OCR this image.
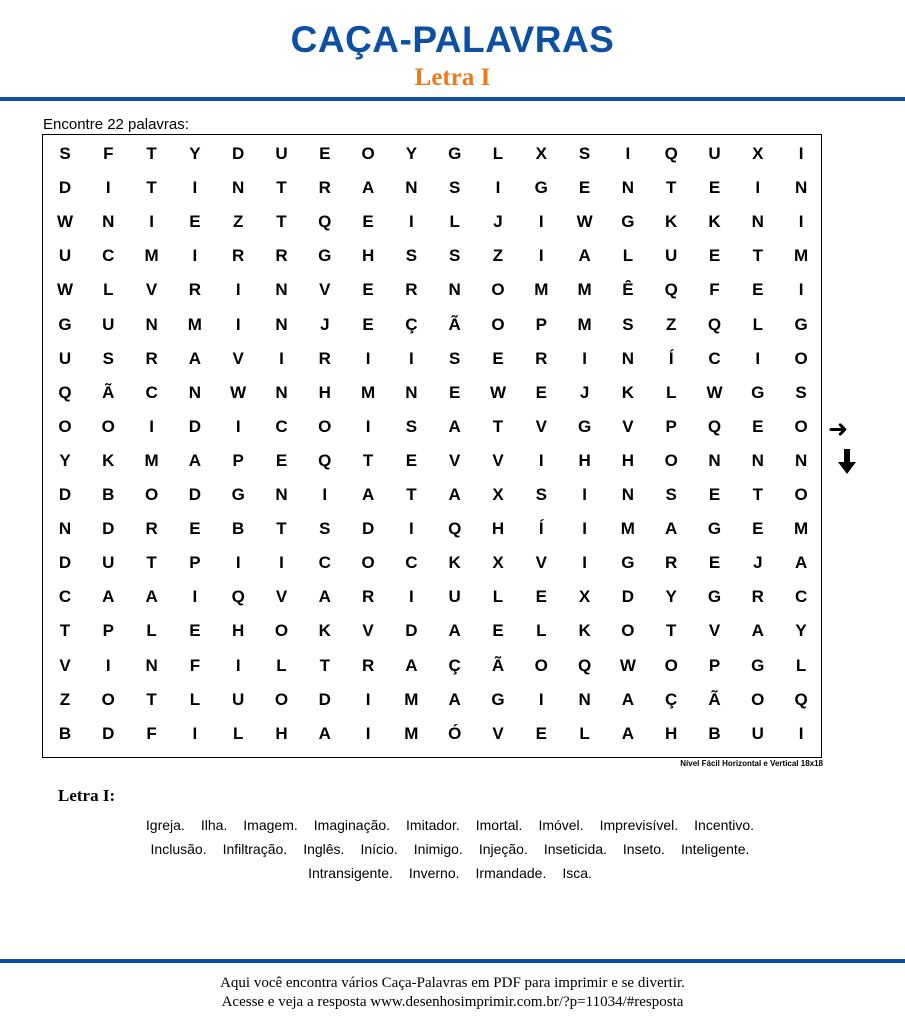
CAÇA-PALAVRAS
Letra I
Encontre 22 palavras:
S	F	T	Y	D	U	E	O	Y	G	L	X	S	I	Q	U	X	I
D	I	T	I	N	T	R	A	N	S	I	G	E	N	T	E	I	N
W	N	I	E	Z	T	Q	E	I	L	J	I	W	G	K	K	N	I
U	C	M	I	R	R	G	H	S	S	Z	I	A	L	U	E	T	M
W	L	V	R	I	N	V	E	R	N	O	M	M	Ê	Q	F	E	I
G	U	N	M	I	N	J	E	Ç	Ã	O	P	M	S	Z	Q	L	G
U	S	R	A	V	I	R	I	I	S	E	R	I	N	Í	C	I	O
Q	Ã	C	N	W	N	H	M	N	E	W	E	J	K	L	W	G	S
O	O	I	D	I	C	O	I	S	A	T	V	G	V	P	Q	E	O
Y	K	M	A	P	E	Q	T	E	V	V	I	H	H	O	N	N	N
D	B	O	D	G	N	I	A	T	A	X	S	I	N	S	E	T	O
N	D	R	E	B	T	S	D	I	Q	H	Í	I	M	A	G	E	M
D	U	T	P	I	I	C	O	C	K	X	V	I	G	R	E	J	A
C	A	A	I	Q	V	A	R	I	U	L	E	X	D	Y	G	R	C
T	P	L	E	H	O	K	V	D	A	E	L	K	O	T	V	A	Y
V	I	N	F	I	L	T	R	A	Ç	Ã	O	Q	W	O	P	G	L
Z	O	T	L	U	O	D	I	M	A	G	I	N	A	Ç	Ã	O	Q
B	D	F	I	L	H	A	I	M	Ó	V	E	L	A	H	B	U	I
➜
Nível Fácil Horizontal e Vertical 18x18
Letra I:
Igreja. Ilha. Imagem. Imaginação. Imitador. Imortal. Imóvel. Imprevisível. Incentivo.
Inclusão. Infiltração. Inglês. Início. Inimigo. Injeção. Inseticida. Inseto. Inteligente.
Intransigente. Inverno. Irmandade. Isca.
Aqui você encontra vários Caça-Palavras em PDF para imprimir e se divertir.
Acesse e veja a resposta www.desenhosimprimir.com.br/?p=11034/#resposta
